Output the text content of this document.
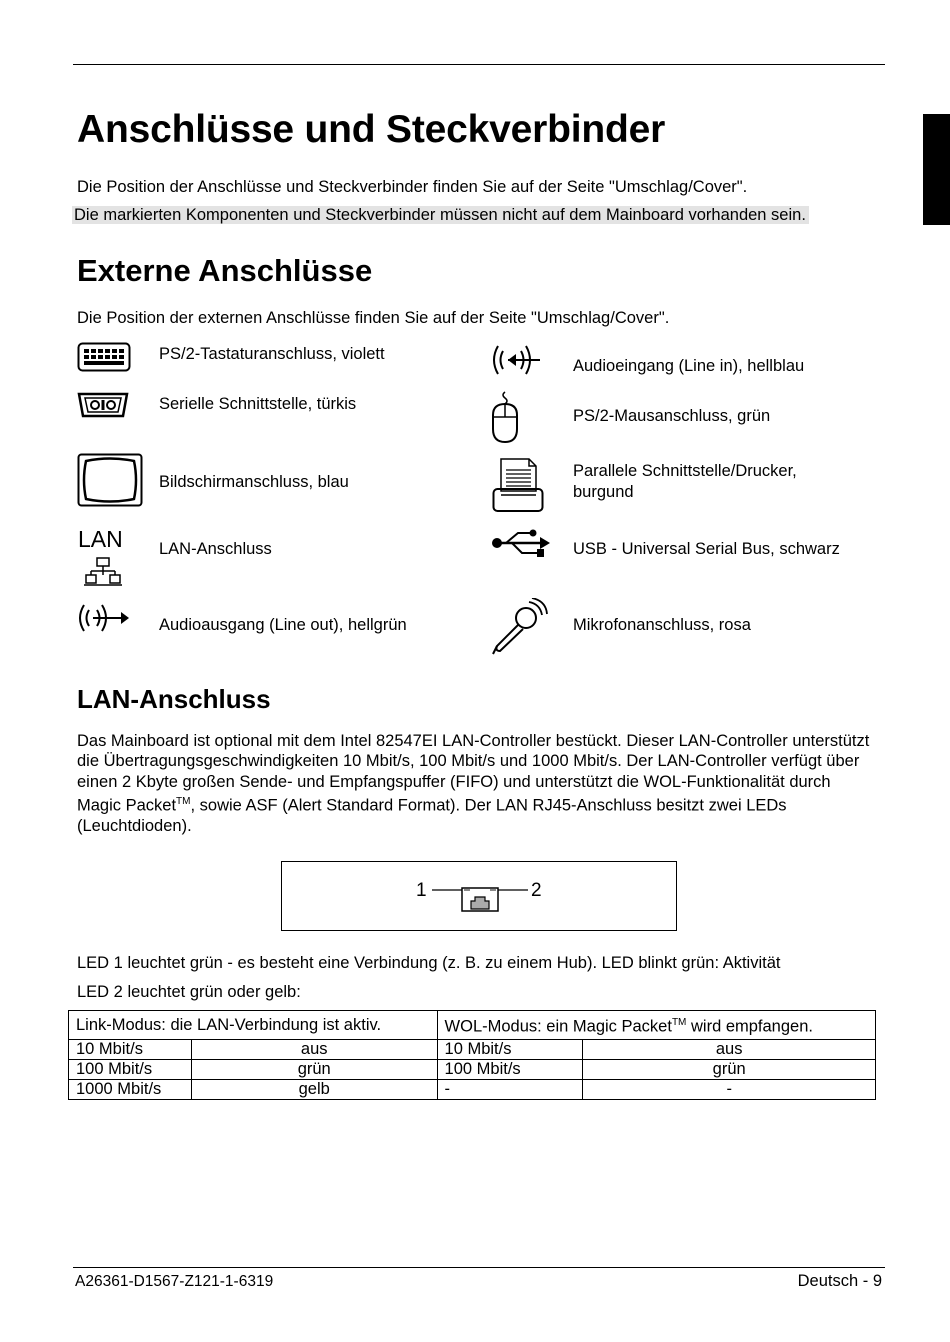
Anschlüsse und Steckverbinder
Die Position der Anschlüsse und Steckverbinder finden Sie auf der Seite "Umschlag/Cover".
Die markierten Komponenten und Steckverbinder müssen nicht auf dem Mainboard vorhanden sein.
Externe Anschlüsse
Die Position der externen Anschlüsse finden Sie auf der Seite "Umschlag/Cover".
LAN
PS/2-Tastaturanschluss, violett
Serielle Schnittstelle, türkis
Bildschirmanschluss, blau
LAN-Anschluss
Audioausgang (Line out), hellgrün
Audioeingang (Line in), hellblau
PS/2-Mausanschluss, grün
Parallele Schnittstelle/Drucker,
burgund
USB - Universal Serial Bus, schwarz
Mikrofonanschluss, rosa
LAN-Anschluss
Das Mainboard ist optional mit dem Intel 82547EI LAN-Controller bestückt. Dieser LAN-Controller unterstützt die Übertragungsgeschwindigkeiten 10 Mbit/s, 100 Mbit/s und 1000 Mbit/s. Der LAN-Controller verfügt über einen 2 Kbyte großen Sende- und Empfangspuffer (FIFO) und unterstützt die WOL-Funktionalität durch Magic Packet™, sowie ASF (Alert Standard Format). Der LAN RJ45-Anschluss besitzt zwei LEDs (Leuchtdioden).
1	2
LED 1 leuchtet grün - es besteht eine Verbindung (z. B. zu einem Hub). LED blinkt grün: Aktivität
LED 2 leuchtet grün oder gelb:
Link-Modus: die LAN-Verbindung ist aktiv.		WOL-Modus: ein Magic Packet™ wird empfangen.	
10 Mbit/s	aus	10 Mbit/s	aus
100 Mbit/s	grün	100 Mbit/s	grün
1000 Mbit/s	gelb	-	-
A26361-D1567-Z121-1-6319	Deutsch - 9
